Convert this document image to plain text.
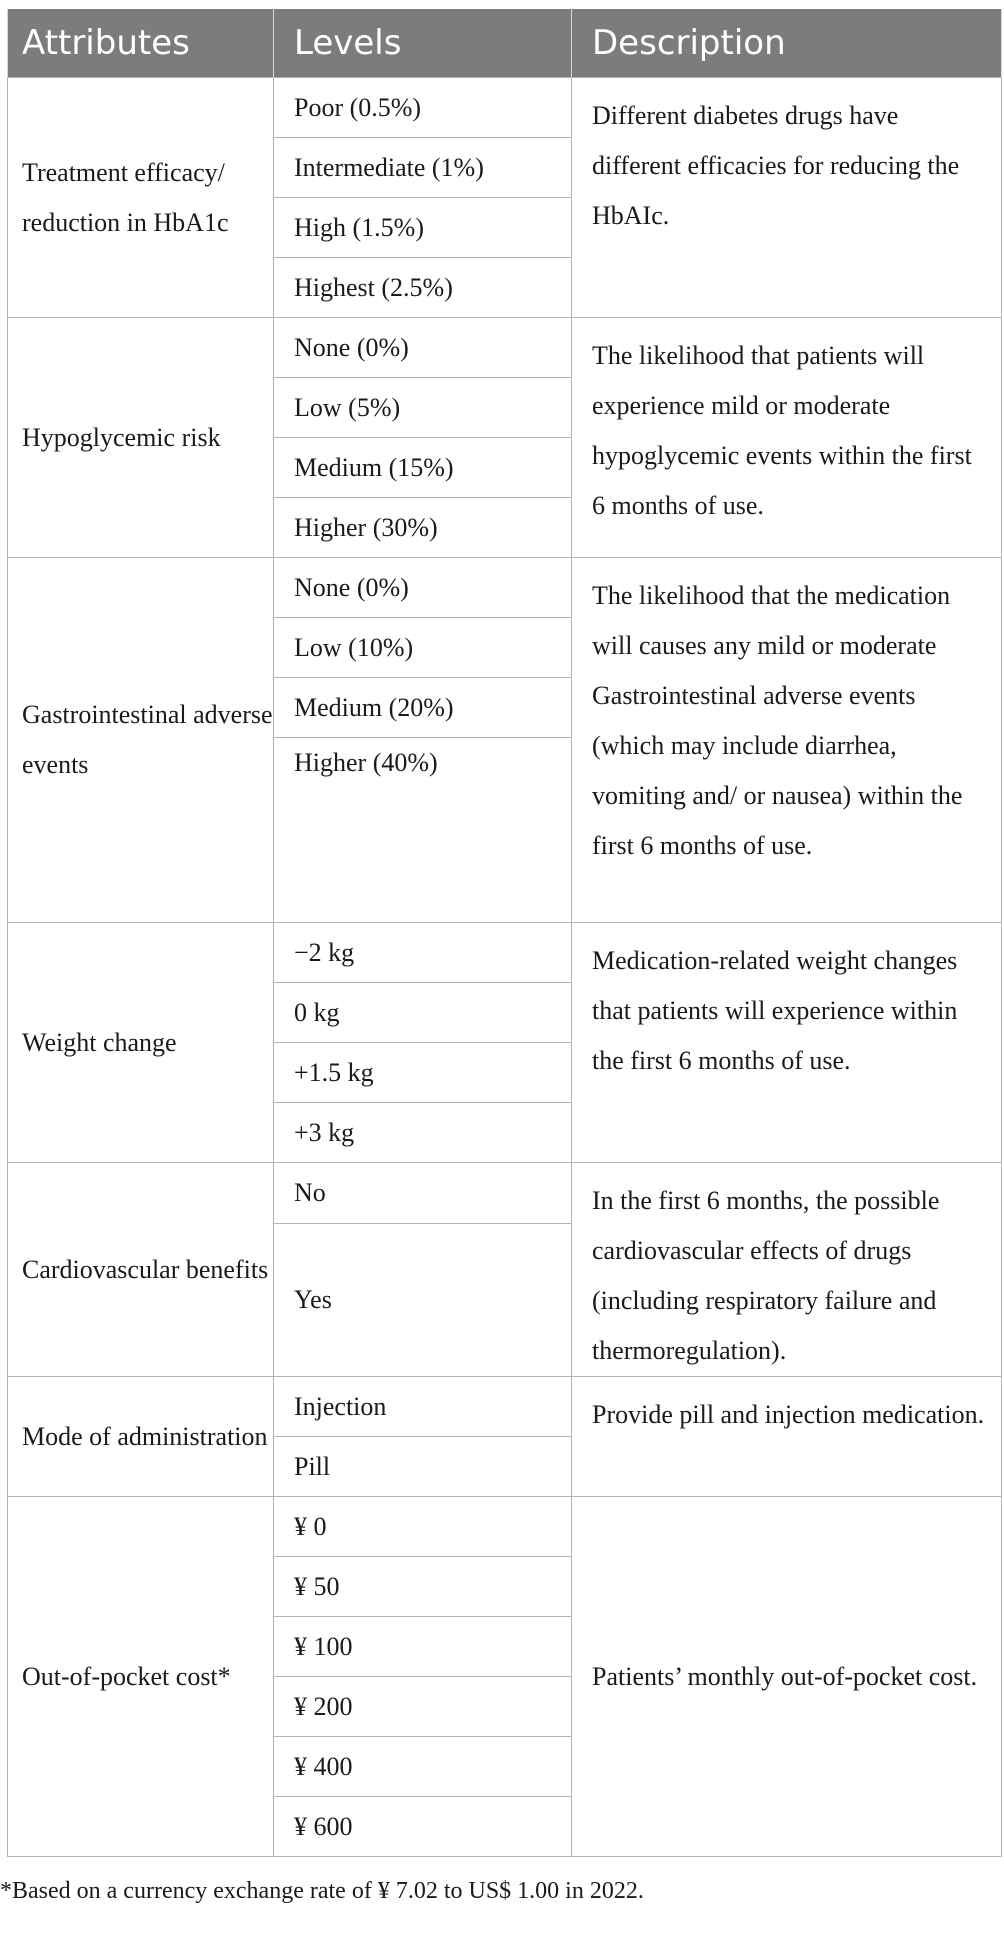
Attributes	Levels	Description
Treatment efficacy/ reduction in HbA1c	Poor (0.5%)	Different diabetes drugs have different efficacies for reducing the HbAIc.
	Intermediate (1%)	
	High (1.5%)	
	Highest (2.5%)	
Hypoglycemic risk	None (0%)	The likelihood that patients will experience mild or moderate hypoglycemic events within the first 6 months of use.
	Low (5%)	
	Medium (15%)	
	Higher (30%)	
Gastrointestinal adverse events	None (0%)	The likelihood that the medication will causes any mild or moderate Gastrointestinal adverse events (which may include diarrhea, vomiting and/ or nausea) within the first 6 months of use.
	Low (10%)	
	Medium (20%)	
	Higher (40%)	
Weight change	−2 kg	Medication-related weight changes that patients will experience within the first 6 months of use.
	0 kg	
	+1.5 kg	
	+3 kg	
Cardiovascular benefits	No	In the first 6 months, the possible cardiovascular effects of drugs (including respiratory failure and thermoregulation).
	Yes	
Mode of administration	Injection	Provide pill and injection medication.
	Pill	
Out-of-pocket cost*	¥ 0	Patients’ monthly out-of-pocket cost.
	¥ 50	
	¥ 100	
	¥ 200	
	¥ 400	
	¥ 600	
*Based on a currency exchange rate of ¥ 7.02 to US$ 1.00 in 2022.
